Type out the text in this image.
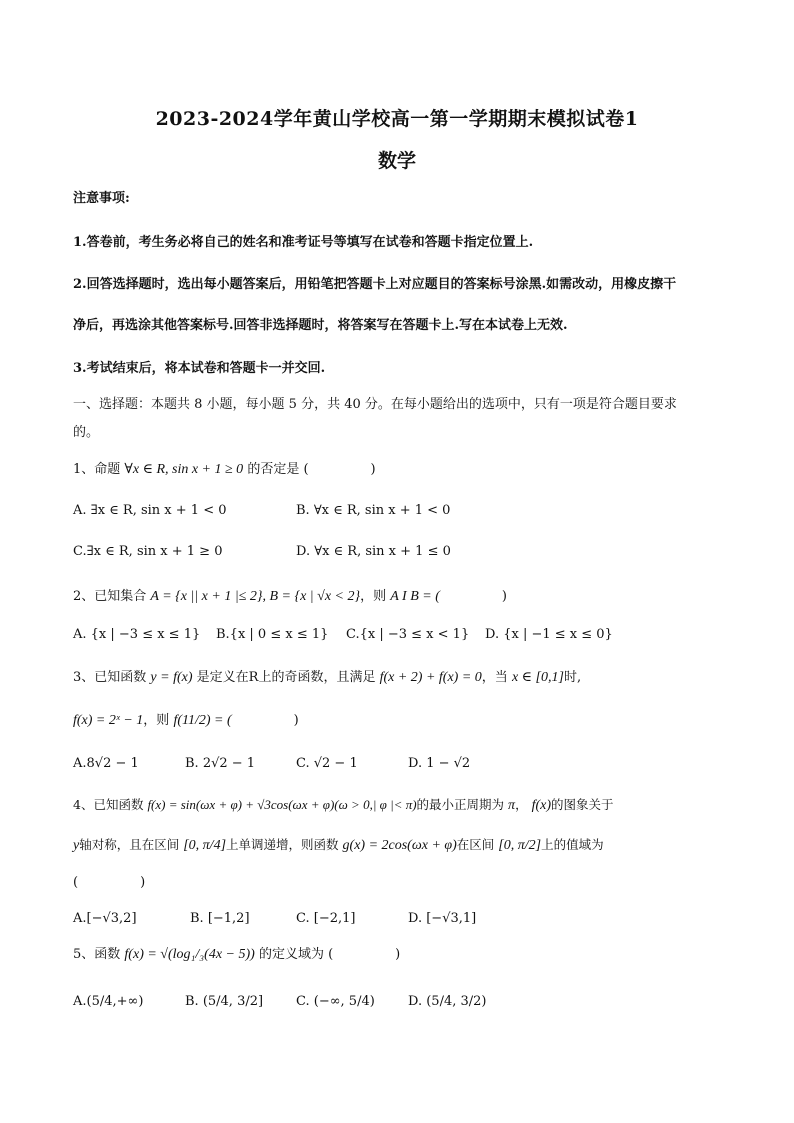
2023-2024学年黄山学校高一第一学期期末模拟试卷1
数学
注意事项:
1.答卷前，考生务必将自己的姓名和准考证号等填写在试卷和答题卡指定位置上.
2.回答选择题时，选出每小题答案后，用铅笔把答题卡上对应题目的答案标号涂黑.如需改动，用橡皮擦干
净后，再选涂其他答案标号.回答非选择题时，将答案写在答题卡上.写在本试卷上无效.
3.考试结束后，将本试卷和答题卡一并交回.
一、选择题：本题共 8 小题，每小题 5 分，共 40 分。在每小题给出的选项中，只有一项是符合题目要求
的。
1、命题 ∀x ∈ R, sin x + 1 ≥ 0 的否定是 (	)
A. ∃x ∈ R, sin x + 1 < 0	B. ∀x ∈ R, sin x + 1 < 0
C.∃x ∈ R, sin x + 1 ≥ 0	D. ∀x ∈ R, sin x + 1 ≤ 0
2、已知集合 A = {x || x + 1 |≤ 2}, B = {x | √x < 2}，则 A I B = (	)
A. {x | −3 ≤ x ≤ 1} B.{x | 0 ≤ x ≤ 1} C.{x | −3 ≤ x < 1} D. {x | −1 ≤ x ≤ 0}
3、已知函数 y = f(x) 是定义在R上的奇函数，且满足 f(x + 2) + f(x) = 0，当 x ∈ [0,1]时,
f(x) = 2ˣ − 1，则 f(11/2) = (	)
A.8√2 − 1	B. 2√2 − 1	C. √2 − 1	D. 1 − √2
4、已知函数 f(x) = sin(ωx + φ) + √3cos(ωx + φ)(ω > 0,| φ |< π)的最小正周期为 π， f(x)的图象关于
y轴对称，且在区间 [0, π/4]上单调递增，则函数 g(x) = 2cos(ωx + φ)在区间 [0, π/2]上的值域为
(	)
A.[−√3,2]	B. [−1,2]	C. [−2,1]	D. [−√3,1]
5、函数 f(x) = √(log₁/₃(4x − 5)) 的定义域为 (	)
A.(5/4,+∞)	B. (5/4, 3/2]	C. (−∞, 5/4)	D. (5/4, 3/2)
